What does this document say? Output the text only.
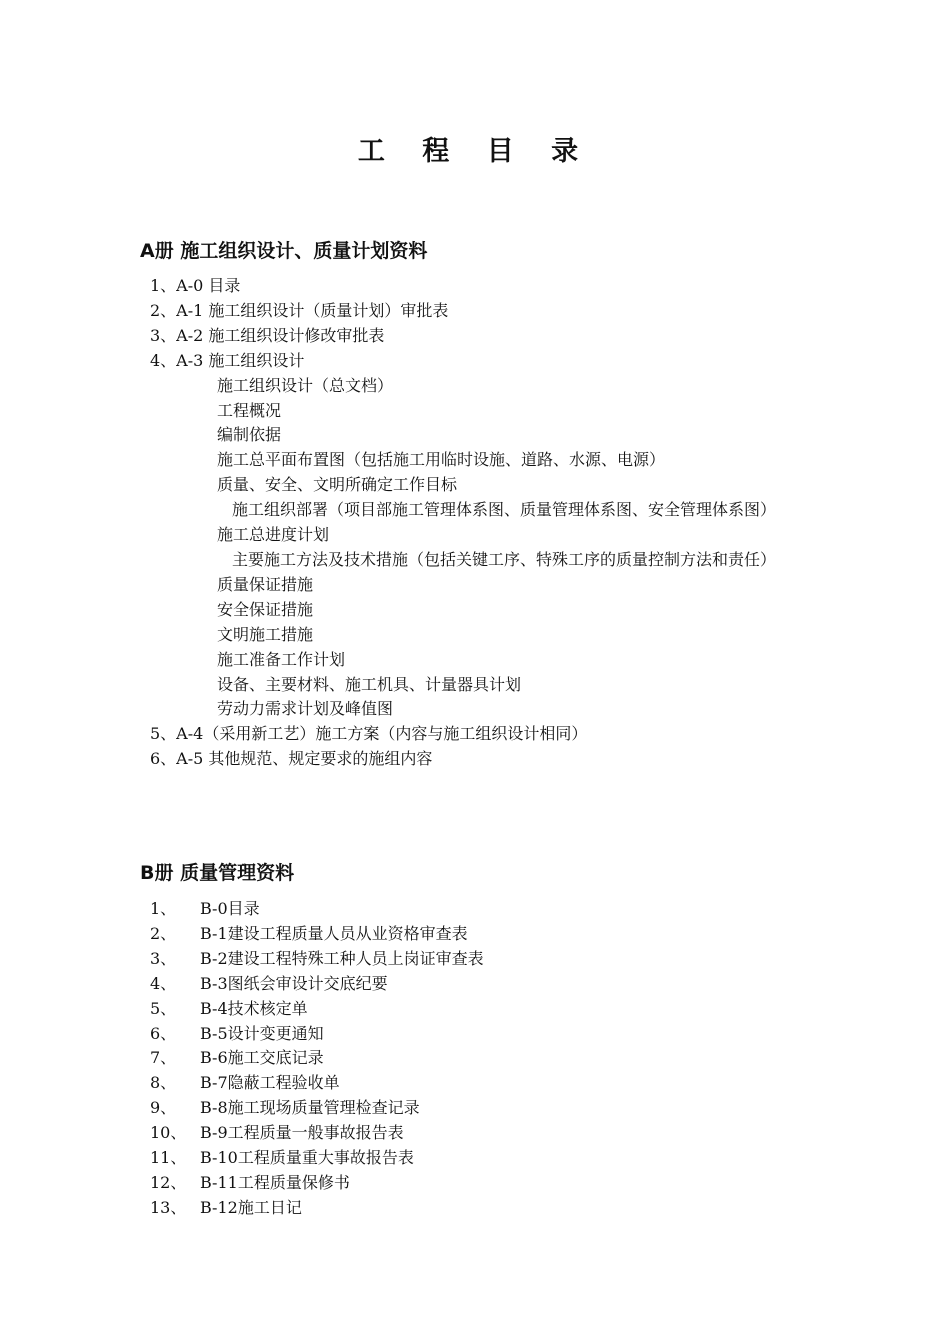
工 程 目 录
A册 施工组织设计、质量计划资料
1、A-0 目录
2、A-1 施工组织设计（质量计划）审批表
3、A-2 施工组织设计修改审批表
4、A-3 施工组织设计
施工组织设计（总文档）
工程概况
编制依据
施工总平面布置图（包括施工用临时设施、道路、水源、电源）
质量、安全、文明所确定工作目标
施工组织部署（项目部施工管理体系图、质量管理体系图、安全管理体系图）
施工总进度计划
主要施工方法及技术措施（包括关键工序、特殊工序的质量控制方法和责任）
质量保证措施
安全保证措施
文明施工措施
施工准备工作计划
设备、主要材料、施工机具、计量器具计划
劳动力需求计划及峰值图
5、A-4（采用新工艺）施工方案（内容与施工组织设计相同）
6、A-5 其他规范、规定要求的施组内容
B册 质量管理资料
1、 B-0目录
2、 B-1建设工程质量人员从业资格审查表
3、 B-2建设工程特殊工种人员上岗证审查表
4、 B-3图纸会审设计交底纪要
5、 B-4技术核定单
6、 B-5设计变更通知
7、 B-6施工交底记录
8、 B-7隐蔽工程验收单
9、 B-8施工现场质量管理检查记录
10、 B-9工程质量一般事故报告表
11、 B-10工程质量重大事故报告表
12、 B-11工程质量保修书
13、 B-12施工日记
